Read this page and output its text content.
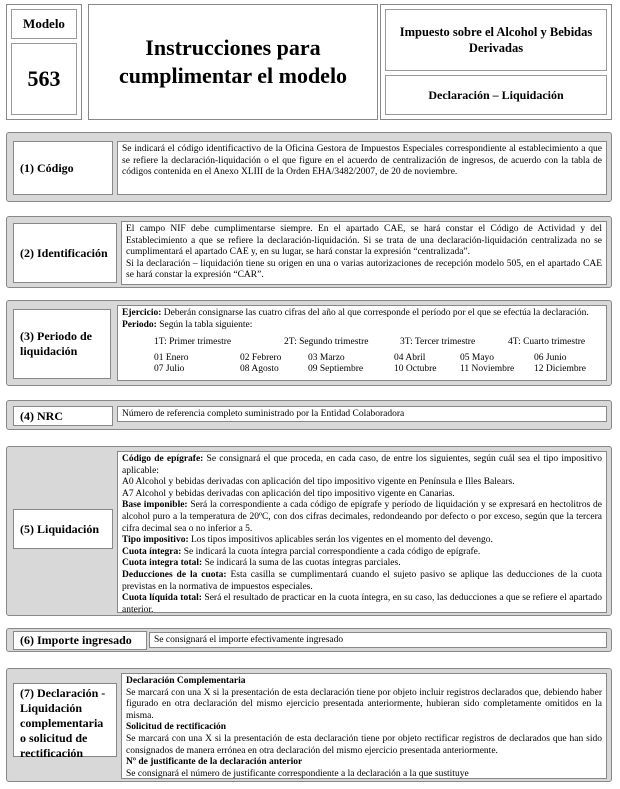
Modelo
563
Instrucciones para cumplimentar el modelo
Impuesto sobre el Alcohol y Bebidas Derivadas
Declaración – Liquidación
(1) Código
Se indicará el código identificactivo de la Oficina Gestora de Impuestos Especiales correspondiente al establecimiento a que se refiere la declaración-liquidación o el que figure en el acuerdo de centralización de ingresos, de acuerdo con la tabla de códigos contenida en el Anexo XLIII de la Orden EHA/3482/2007, de 20 de noviembre.
(2) Identificación
El campo NIF debe cumplimentarse siempre. En el apartado CAE, se hará constar el Código de Actividad y del Establecimiento a que se refiere la declaración-liquidación. Si se trata de una declaración-liquidación centralizada no se cumplimentará el apartado CAE y, en su lugar, se hará constar la expresión “centralizada”.
Si la declaración – liquidación tiene su origen en una o varias autorizaciones de recepción modelo 505, en el apartado CAE se hará constar la expresión “CAR”.
(3) Periodo de liquidación
Ejercicio: Deberán consignarse las cuatro cifras del año al que corresponde el período por el que se efectúa la declaración.
Periodo: Según la tabla siguiente:
1T: Primer trimestre	2T: Segundo trimestre	3T: Tercer trimestre	4T: Cuarto trimestre
01 Enero	02 Febrero	03 Marzo	04 Abril	05 Mayo	06 Junio
07 Julio	08 Agosto	09 Septiembre	10 Octubre	11 Noviembre	12 Diciembre
(4) NRC	Número de referencia completo suministrado por la Entidad Colaboradora
(5) Liquidación
Código de epígrafe: Se consignará el que proceda, en cada caso, de entre los siguientes, según cuál sea el tipo impositivo aplicable:
A0 Alcohol y bebidas derivadas con aplicación del tipo impositivo vigente en Península e Illes Balears.
A7 Alcohol y bebidas derivadas con aplicación del tipo impositivo vigente en Canarias.
Base imponible: Será la correspondiente a cada código de epígrafe y período de liquidación y se expresará en hectolitros de alcohol puro a la temperatura de 20ºC, con dos cifras decimales, redondeando por defecto o por exceso, según que la tercera cifra decimal sea o no inferior a 5.
Tipo impositivo: Los tipos impositivos aplicables serán los vigentes en el momento del devengo.
Cuota íntegra: Se indicará la cuota íntegra parcial correspondiente a cada código de epígrafe.
Cuota integra total: Se indicará la suma de las cuotas íntegras parciales.
Deducciones de la cuota: Esta casilla se cumplimentará cuando el sujeto pasivo se aplique las deducciones de la cuota previstas en la normativa de impuestos especiales.
Cuota líquida total: Será el resultado de practicar en la cuota íntegra, en su caso, las deducciones a que se refiere el apartado anterior.
(6) Importe ingresado	Se consignará el importe efectivamente ingresado
(7) Declaración - Liquidación complementaria o solicitud de rectificación
Declaración Complementaria
Se marcará con una X si la presentación de esta declaración tiene por objeto incluir registros declarados que, debiendo haber figurado en otra declaración del mismo ejercicio presentada anteriormente, hubieran sido completamente omitidos en la misma.
Solicitud de rectificación
Se marcará con una X si la presentación de esta declaración tiene por objeto rectificar registros de declarados que han sido consignados de manera errónea en otra declaración del mismo ejercicio presentada anteriormente.
Nº de justificante de la declaración anterior
Se consignará el número de justificante correspondiente a la declaración a la que sustituye
